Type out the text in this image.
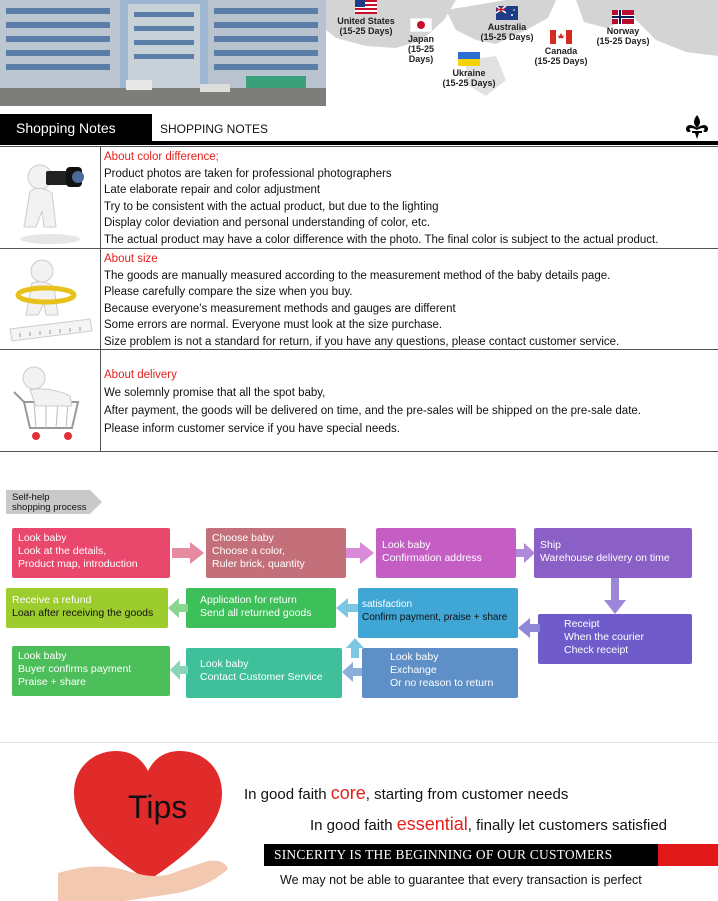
United States
(15-25 Days)
Japan
(15-25 Days)
Australia
(15-25 Days)
Ukraine
(15-25 Days)
Canada
(15-25 Days)
Norway
(15-25 Days)
Shopping Notes	SHOPPING NOTES
About color difference;
Product photos are taken for professional photographers
Late elaborate repair and color adjustment
Try to be consistent with the actual product, but due to the lighting
Display color deviation and personal understanding of color, etc.
The actual product may have a color difference with the photo. The final color is subject to the actual product.
About size
The goods are manually measured according to the measurement method of the baby details page.
Please carefully compare the size when you buy.
Because everyone's measurement methods and gauges are different
Some errors are normal. Everyone must look at the size purchase.
Size problem is not a standard for return, if you have any questions, please contact customer service.
About delivery
We solemnly promise that all the spot baby,
After payment, the goods will be delivered on time, and the pre-sales will be shipped on the pre-sale date.
Please inform customer service if you have special needs.
Self-help
shopping process
Look baby
Look at the details,
Product map, introduction
Choose baby
Choose a color,
Ruler brick, quantity
Look baby
Confirmation address
Ship
Warehouse delivery on time
Receive a refund
Loan after receiving the goods
Application for return
Send all returned goods
satisfaction
Confirm payment, praise + share
Receipt
When the courier
Check receipt
Look baby
Buyer confirms payment
Praise + share
Look baby
Contact Customer Service
Look baby
Exchange
Or no reason to return
Tips	In good faith core, starting from customer needs
In good faith essential, finally let customers satisfied
SINCERITY IS THE BEGINNING OF OUR CUSTOMERS
We may not be able to guarantee that every transaction is perfect
